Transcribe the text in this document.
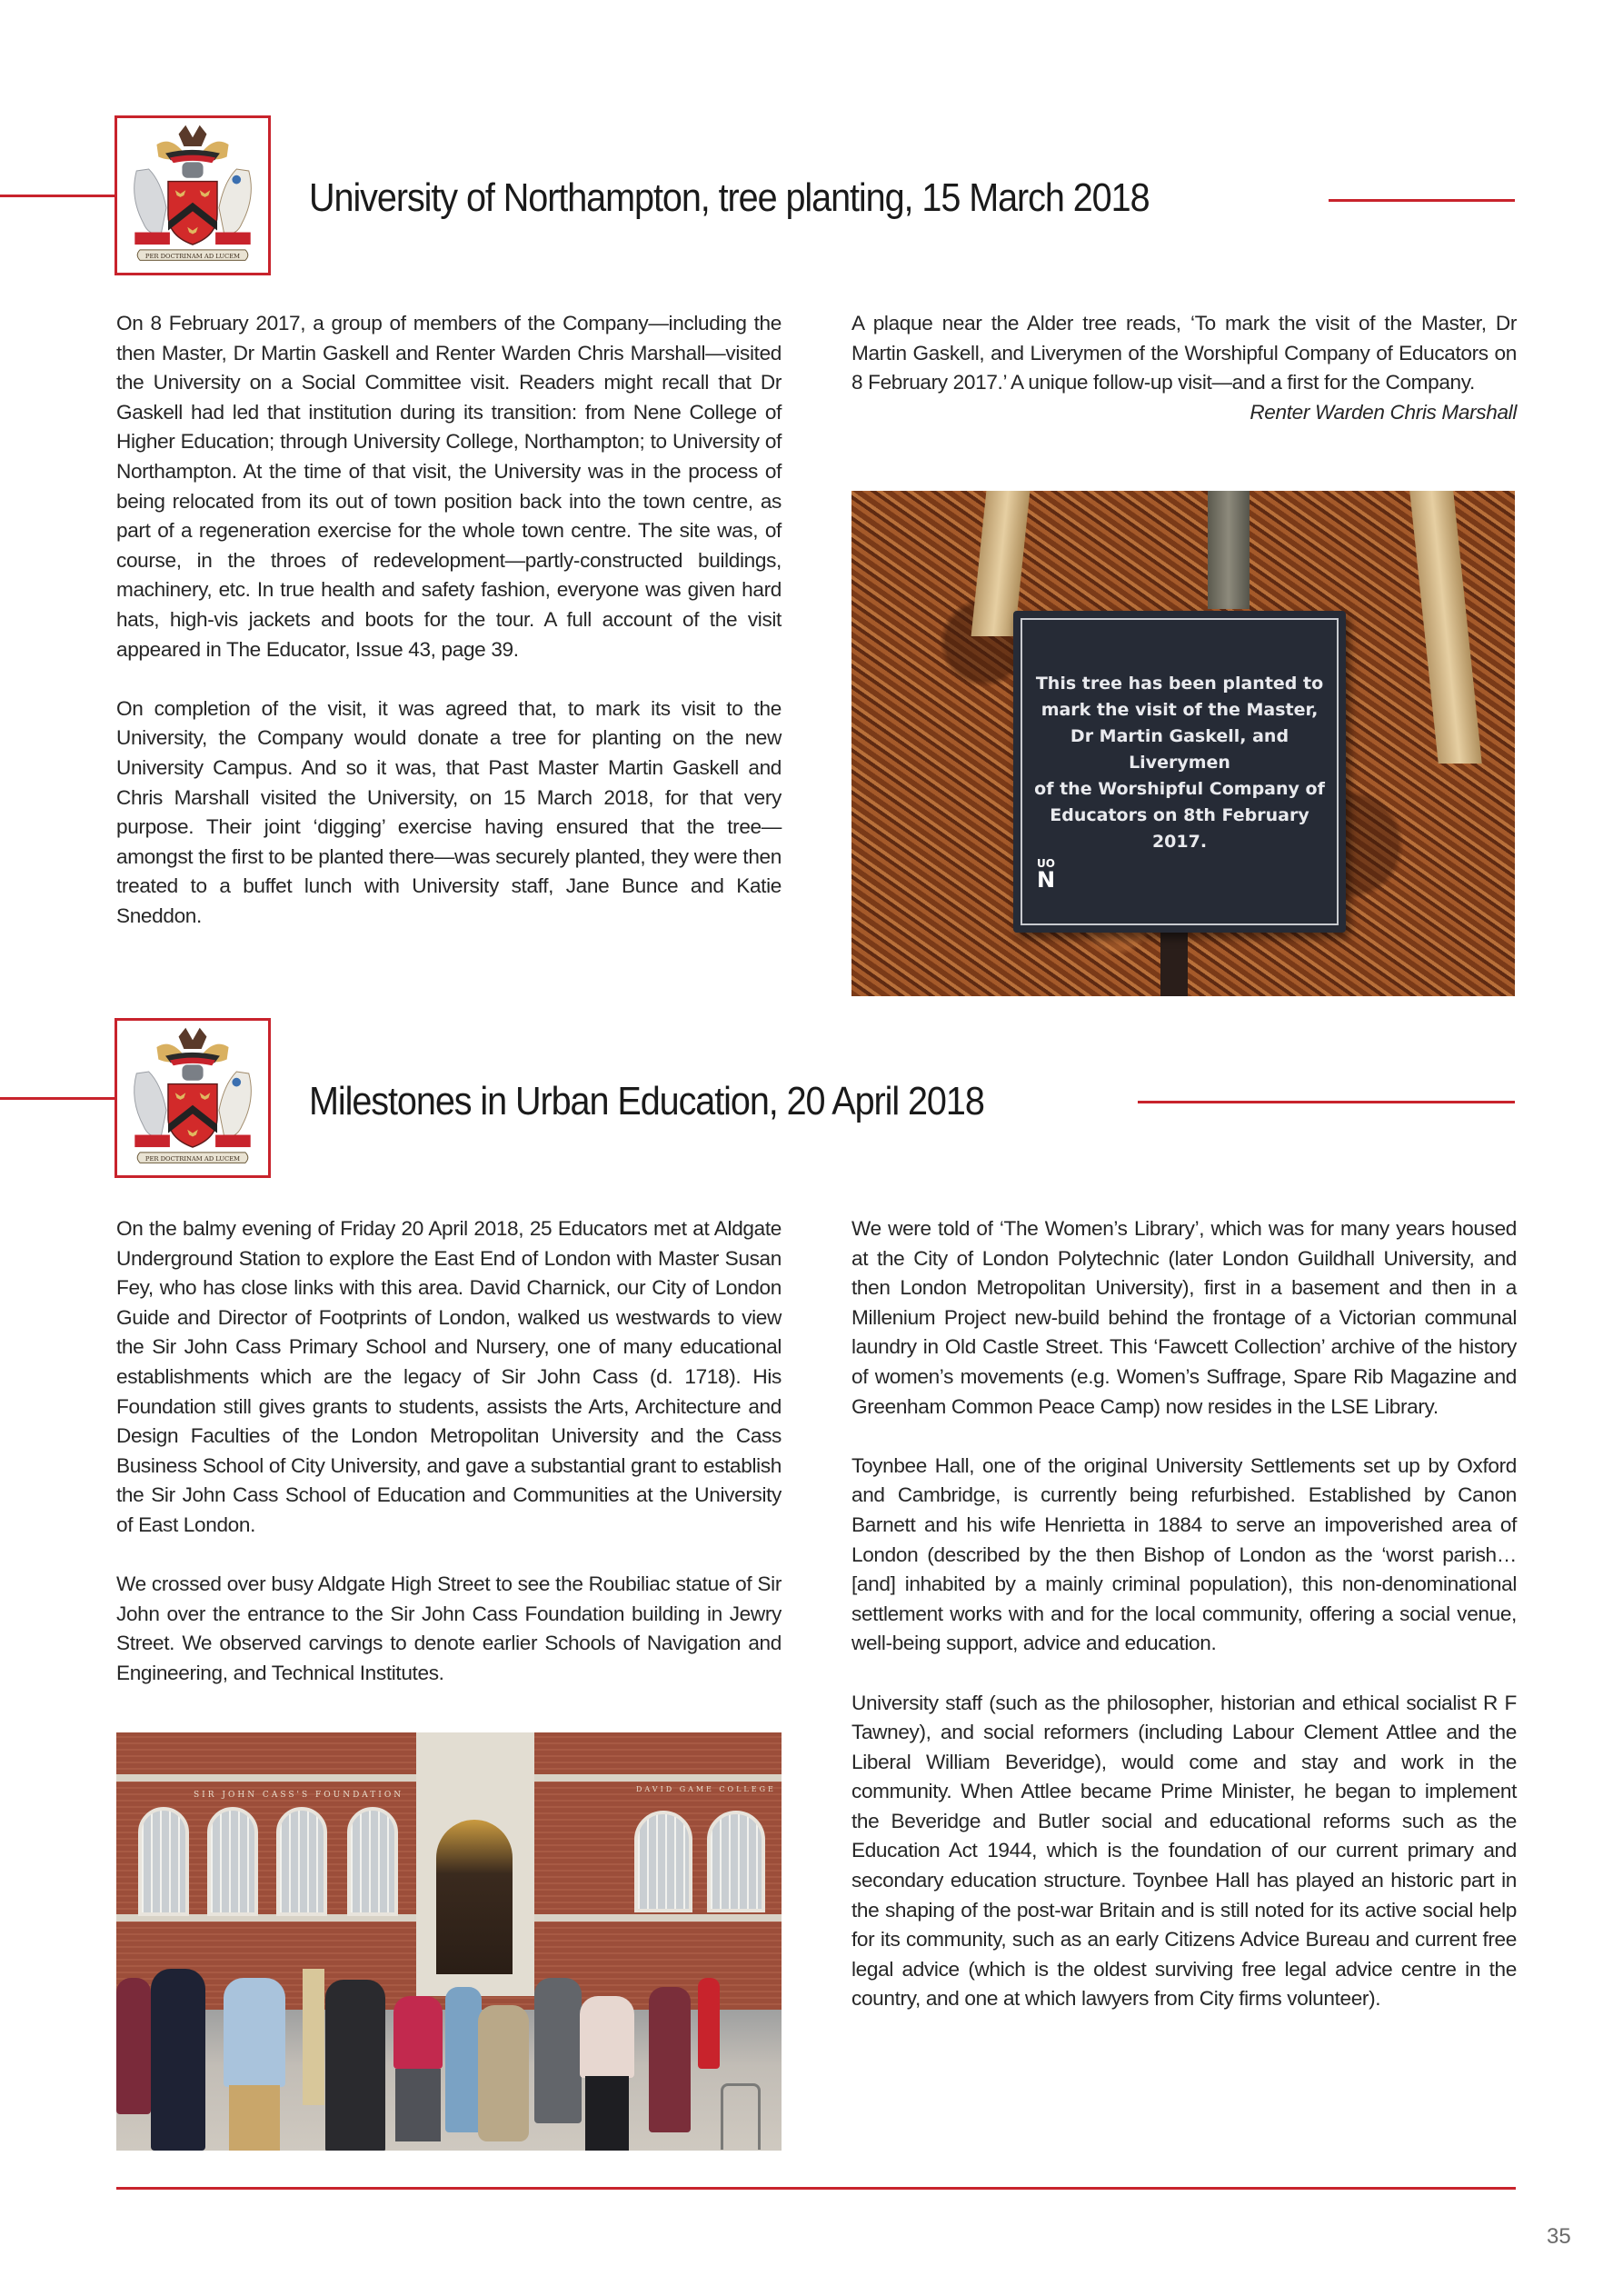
PER DOCTRINAM AD LUCEM
University of Northampton, tree planting, 15 March 2018

On 8 February 2017, a group of members of the Company—including the then Master, Dr Martin Gaskell and Renter Warden Chris Marshall—visited the University on a Social Committee visit. Readers might recall that Dr Gaskell had led that institution during its transition: from Nene College of Higher Education; through University College, Northampton; to University of Northampton. At the time of that visit, the University was in the process of being relocated from its out of town position back into the town centre, as part of a regeneration exercise for the whole town centre. The site was, of course, in the throes of redevelopment—partly-constructed buildings, machinery, etc. In true health and safety fashion, everyone was given hard hats, high-vis jackets and boots for the tour. A full account of the visit appeared in The Educator, Issue 43, page 39.

On completion of the visit, it was agreed that, to mark its visit to the University, the Company would donate a tree for planting on the new University Campus. And so it was, that Past Master Martin Gaskell and Chris Marshall visited the University, on 15 March 2018, for that very purpose. Their joint ‘digging’ exercise having ensured that the tree—amongst the first to be planted there—was securely planted, they were then treated to a buffet lunch with University staff, Jane Bunce and Katie Sneddon.

A plaque near the Alder tree reads, ‘To mark the visit of the Master, Dr Martin Gaskell, and Liverymen of the Worshipful Company of Educators on 8 February 2017.’ A unique follow-up visit—and a first for the Company.

Renter Warden Chris Marshall
This tree has been planted to
mark the visit of the Master,
Dr Martin Gaskell, and Liverymen
of the Worshipful Company of
Educators on 8th February 2017.
UO
N
PER DOCTRINAM AD LUCEM
Milestones in Urban Education, 20 April 2018

On the balmy evening of Friday 20 April 2018, 25 Educators met at Aldgate Underground Station to explore the East End of London with Master Susan Fey, who has close links with this area. David Charnick, our City of London Guide and Director of Footprints of London, walked us westwards to view the Sir John Cass Primary School and Nursery, one of many educational establishments which are the legacy of Sir John Cass (d. 1718). His Foundation still gives grants to students, assists the Arts, Architecture and Design Faculties of the London Metropolitan University and the Cass Business School of City University, and gave a substantial grant to establish the Sir John Cass School of Education and Communities at the University of East London.

We crossed over busy Aldgate High Street to see the Roubiliac statue of Sir John over the entrance to the Sir John Cass Foundation building in Jewry Street. We observed carvings to denote earlier Schools of Navigation and Engineering, and Technical Institutes.

We were told of ‘The Women’s Library’, which was for many years housed at the City of London Polytechnic (later London Guildhall University, and then London Metropolitan University), first in a basement and then in a Millenium Project new-build behind the frontage of a Victorian communal laundry in Old Castle Street. This ‘Fawcett Collection’ archive of the history of women’s movements (e.g. Women’s Suffrage, Spare Rib Magazine and Greenham Common Peace Camp) now resides in the LSE Library.

Toynbee Hall, one of the original University Settlements set up by Oxford and Cambridge, is currently being refurbished. Established by Canon Barnett and his wife Henrietta in 1884 to serve an impoverished area of London (described by the then Bishop of London as the ‘worst parish…[and] inhabited by a mainly criminal population), this non-denominational settlement works with and for the local community, offering a social venue, well-being support, advice and education.

University staff (such as the philosopher, historian and ethical socialist R F Tawney), and social reformers (including Labour Clement Attlee and the Liberal William Beveridge), would come and stay and work in the community. When Attlee became Prime Minister, he began to implement the Beveridge and Butler social and educational reforms such as the Education Act 1944, which is the foundation of our current primary and secondary education structure. Toynbee Hall has played an historic part in the shaping of the post-war Britain and is still noted for its active social help for its community, such as an early Citizens Advice Bureau and current free legal advice (which is the oldest surviving free legal advice centre in the country, and one at which lawyers from City firms volunteer).

SIR JOHN CASS'S FOUNDATION
DAVID GAME COLLEGE
35
